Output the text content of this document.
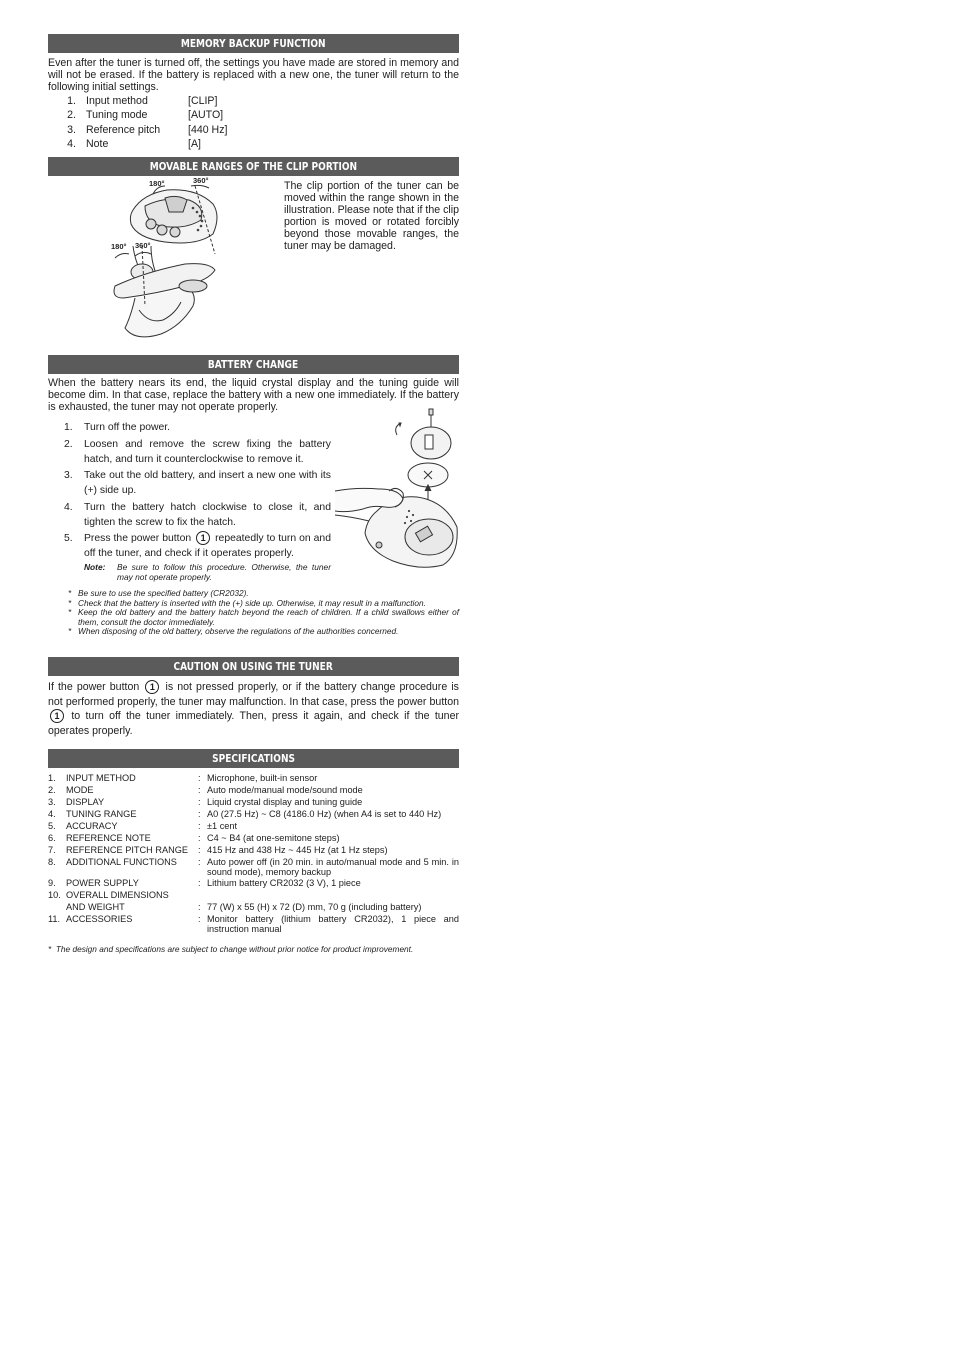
MEMORY BACKUP FUNCTION

Even after the tuner is turned off, the settings you have made are stored in memory and will not be erased. If the battery is replaced with a new one, the tuner will return to the following initial settings.

1. Input method	[CLIP]
2. Tuning mode	[AUTO]
3. Reference pitch	[440 Hz]
4. Note	[A]
MOVABLE RANGES OF THE CLIP PORTION
180°	360°
180° 360°

The clip portion of the tuner can be moved within the range shown in the illustration. Please note that if the clip portion is moved or rotated forcibly beyond those movable ranges, the tuner may be damaged.

BATTERY CHANGE

When the battery nears its end, the liquid crystal display and the tuning guide will become dim. In that case, replace the battery with a new one immediately. If the battery is exhausted, the tuner may not operate properly.

1. Turn off the power.
2. Loosen and remove the screw fixing the battery hatch, and turn it counterclockwise to remove it.
3. Take out the old battery, and insert a new one with its (+) side up.
4. Turn the battery hatch clockwise to close it, and tighten the screw to fix the hatch.
5. Press the power button 1 repeatedly to turn on and off the tuner, and check if it operates properly.
Note: Be sure to follow this procedure. Otherwise, the tuner may not operate properly.
* Be sure to use the specified battery (CR2032).
* Check that the battery is inserted with the (+) side up. Otherwise, it may result in a malfunction.
* Keep the old battery and the battery hatch beyond the reach of children. If a child swallows either of them, consult the doctor immediately.
* When disposing of the old battery, observe the regulations of the authorities concerned.
CAUTION ON USING THE TUNER

If the power button 1 is not pressed properly, or if the battery change procedure is not performed properly, the tuner may malfunction. In that case, press the power button 1 to turn off the tuner immediately. Then, press it again, and check if the tuner operates properly.

SPECIFICATIONS
1. INPUT METHOD	: Microphone, built-in sensor
2. MODE	: Auto mode/manual mode/sound mode
3. DISPLAY	: Liquid crystal display and tuning guide
4. TUNING RANGE	: A0 (27.5 Hz) ~ C8 (4186.0 Hz) (when A4 is set to 440 Hz)
5. ACCURACY	: ±1 cent
6. REFERENCE NOTE	: C4 ~ B4 (at one-semitone steps)
7. REFERENCE PITCH RANGE : 415 Hz and 438 Hz ~ 445 Hz (at 1 Hz steps)
8. ADDITIONAL FUNCTIONS : Auto power off (in 20 min. in auto/manual mode and 5 min. in sound mode), memory backup
9. POWER SUPPLY	: Lithium battery CR2032 (3 V), 1 piece
10. OVERALL DIMENSIONS
AND WEIGHT	: 77 (W) x 55 (H) x 72 (D) mm, 70 g (including battery)
11. ACCESSORIES	: Monitor battery (lithium battery CR2032), 1 piece and instruction manual
* The design and specifications are subject to change without prior notice for product improvement.
